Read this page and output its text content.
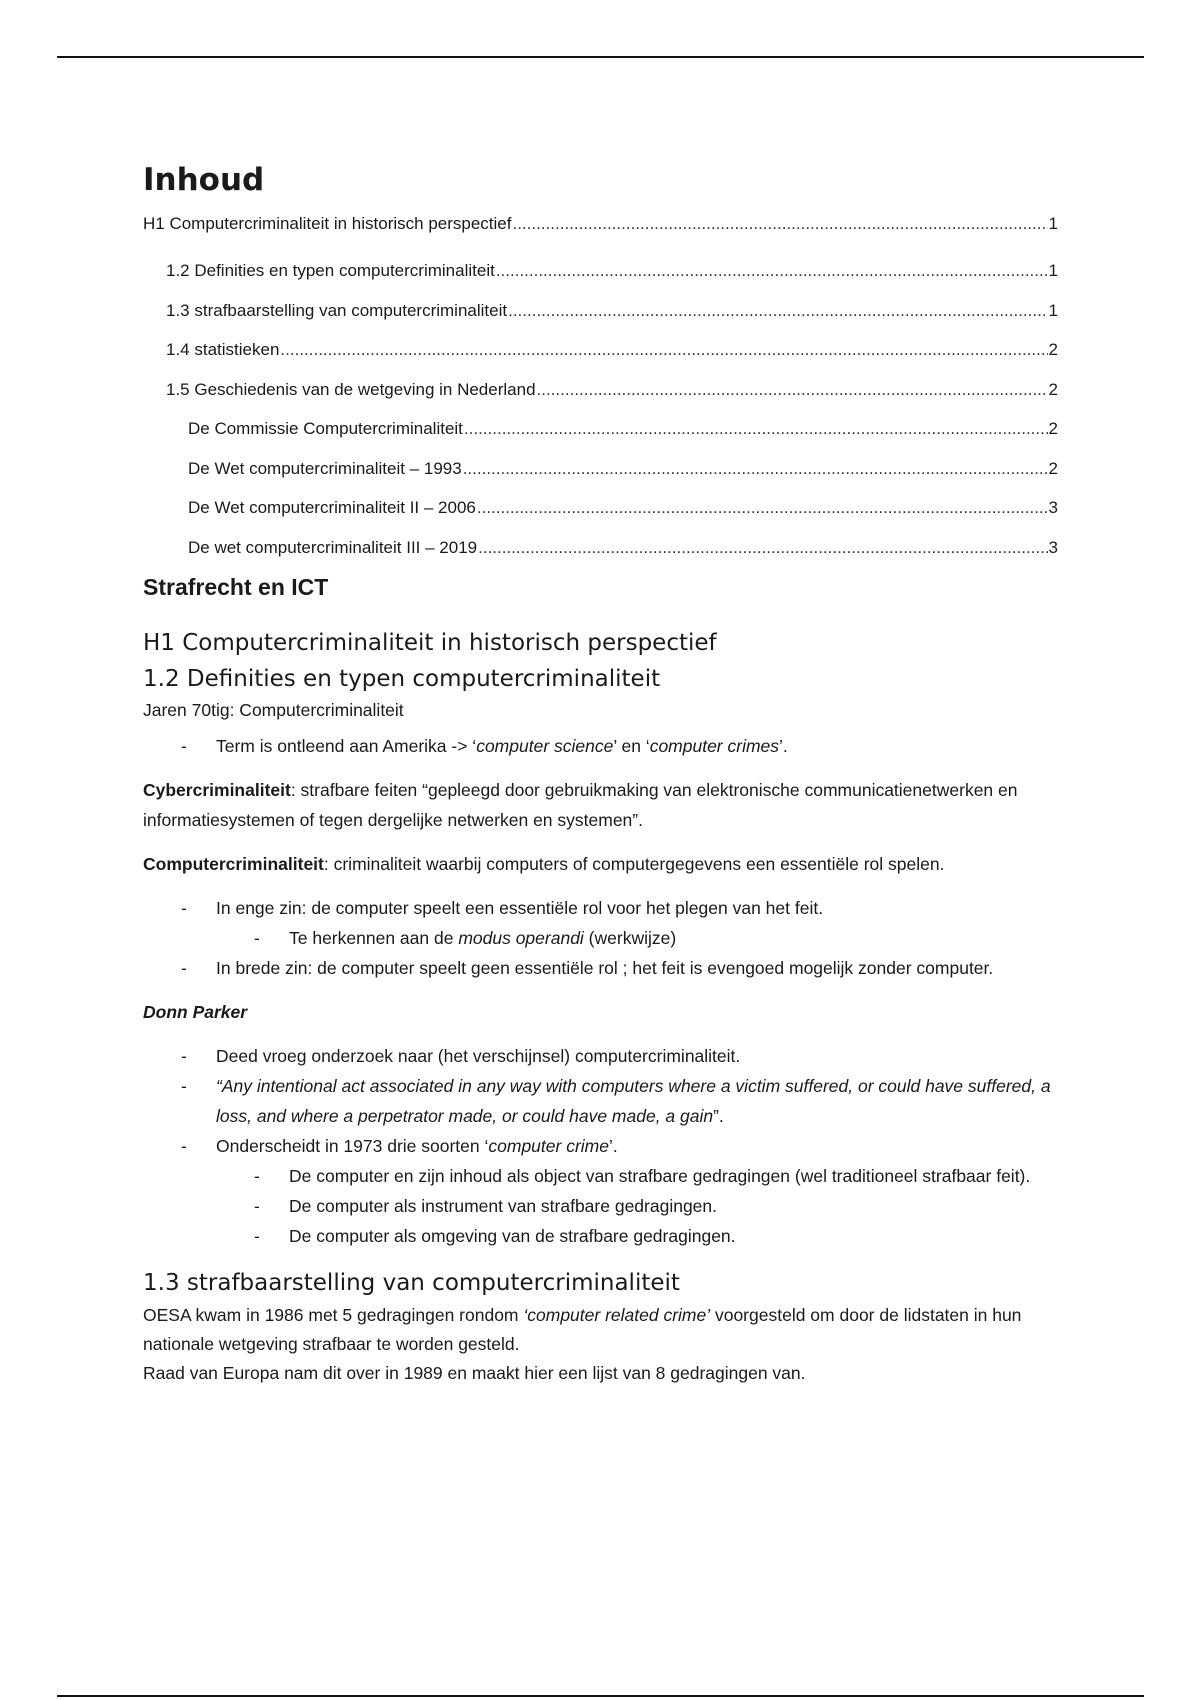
Inhoud
H1 Computercriminaliteit in historisch perspectief .....	1
1.2 Definities en typen computercriminaliteit .....	1
1.3 strafbaarstelling van computercriminaliteit .....	1
1.4 statistieken .....	2
1.5 Geschiedenis van de wetgeving in Nederland .....	2
De Commissie Computercriminaliteit .....	2
De Wet computercriminaliteit – 1993 .....	2
De Wet computercriminaliteit II – 2006 .....	3
De wet computercriminaliteit III – 2019 .....	3
Strafrecht en ICT
H1 Computercriminaliteit in historisch perspectief
1.2 Definities en typen computercriminaliteit

Jaren 70tig: Computercriminaliteit

- Term is ontleend aan Amerika -> ‘computer science’ en ‘computer crimes’.

Cybercriminaliteit: strafbare feiten “gepleegd door gebruikmaking van elektronische communicatienetwerken en informatiesystemen of tegen dergelijke netwerken en systemen”.

Computercriminaliteit: criminaliteit waarbij computers of computergegevens een essentiële rol spelen.

- In enge zin: de computer speelt een essentiële rol voor het plegen van het feit.
- Te herkennen aan de modus operandi (werkwijze)
- In brede zin: de computer speelt geen essentiële rol ; het feit is evengoed mogelijk zonder computer.

Donn Parker

- Deed vroeg onderzoek naar (het verschijnsel) computercriminaliteit.
- “Any intentional act associated in any way with computers where a victim suffered, or could have suffered, a loss, and where a perpetrator made, or could have made, a gain”.
- Onderscheidt in 1973 drie soorten ‘computer crime’.
- De computer en zijn inhoud als object van strafbare gedragingen (wel traditioneel strafbaar feit).
- De computer als instrument van strafbare gedragingen.
- De computer als omgeving van de strafbare gedragingen.
1.3 strafbaarstelling van computercriminaliteit

OESA kwam in 1986 met 5 gedragingen rondom ‘computer related crime’ voorgesteld om door de lidstaten in hun nationale wetgeving strafbaar te worden gesteld.

Raad van Europa nam dit over in 1989 en maakt hier een lijst van 8 gedragingen van.
